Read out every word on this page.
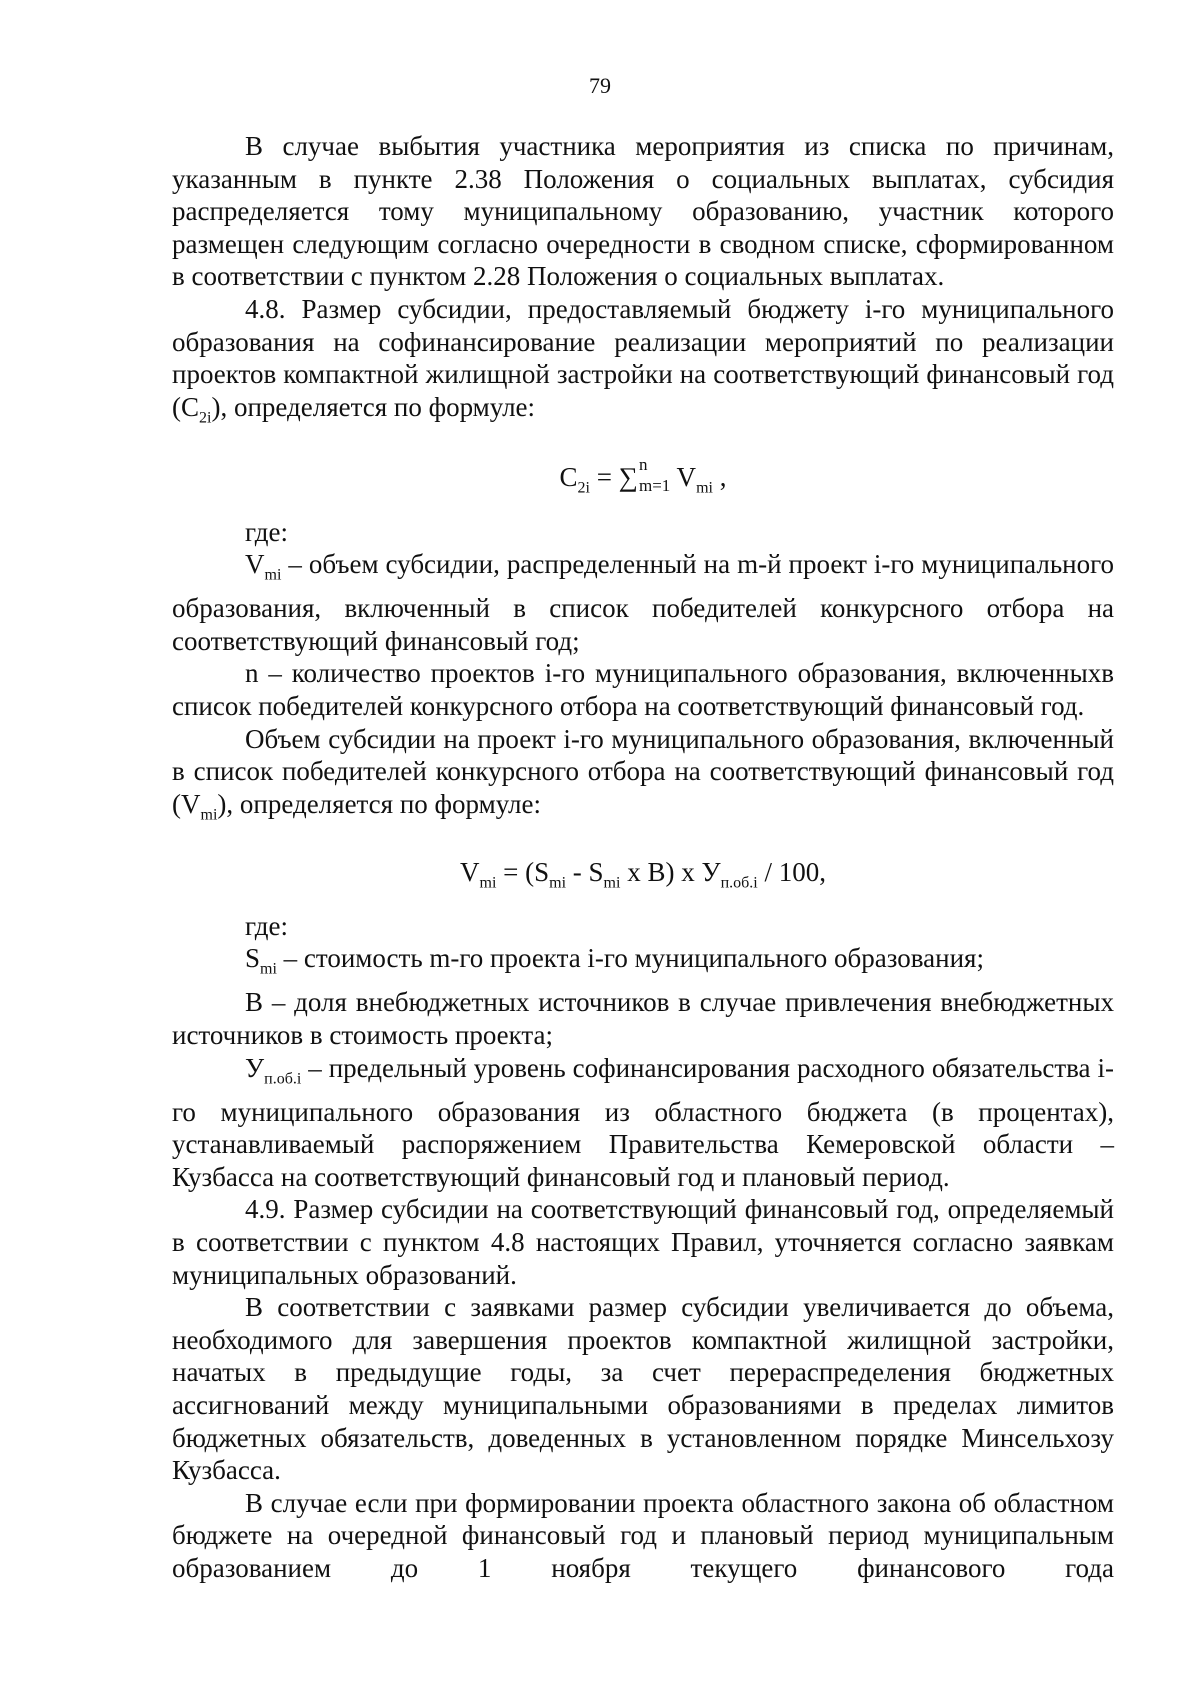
79

В случае выбытия участника мероприятия из списка по причинам, указанным в пункте 2.38 Положения о социальных выплатах, субсидия распределяется тому муниципальному образованию, участник которого размещен следующим согласно очередности в сводном списке, сформированном в соответствии с пунктом 2.28 Положения о социальных выплатах.

4.8. Размер субсидии, предоставляемый бюджету i-го муниципального образования на софинансирование реализации мероприятий по реализации проектов компактной жилищной застройки на соответствующий финансовый год $(C_{2i})$, определяется по формуле:

$C_{2i}$ = ∑ n
m=1 $V_{mi}$ ,

где:

$V_{mi}$ – объем субсидии, распределенный на m-й проект i-го муниципального образования, включенный в список победителей конкурсного отбора на соответствующий финансовый год;

n – количество проектов i-го муниципального образования, включенныхв список победителей конкурсного отбора на соответствующий финансовый год.

Объем субсидии на проект i-го муниципального образования, включенный в список победителей конкурсного отбора на соответствующий финансовый год $(V_{mi})$, определяется по формуле:

$V_{mi} = (S_{mi} - S_{mi}$ x B) x $У_{п.об.i} / 100$,

где:

$S_{mi}$ – стоимость m-го проекта i-го муниципального образования;

B – доля внебюджетных источников в случае привлечения внебюджетных источников в стоимость проекта;

$У_{п.об.i}$ – предельный уровень софинансирования расходного обязательства i-го муниципального образования из областного бюджета (в процентах), устанавливаемый распоряжением Правительства Кемеровской области – Кузбасса на соответствующий финансовый год и плановый период.

4.9. Размер субсидии на соответствующий финансовый год, определяемый в соответствии с пунктом 4.8 настоящих Правил, уточняется согласно заявкам муниципальных образований.

В соответствии с заявками размер субсидии увеличивается до объема, необходимого для завершения проектов компактной жилищной застройки, начатых в предыдущие годы, за счет перераспределения бюджетных ассигнований между муниципальными образованиями в пределах лимитов бюджетных обязательств, доведенных в установленном порядке Минсельхозу Кузбасса.

В случае если при формировании проекта областного закона об областном бюджете на очередной финансовый год и плановый период муниципальным образованием до 1 ноября текущего финансового года
